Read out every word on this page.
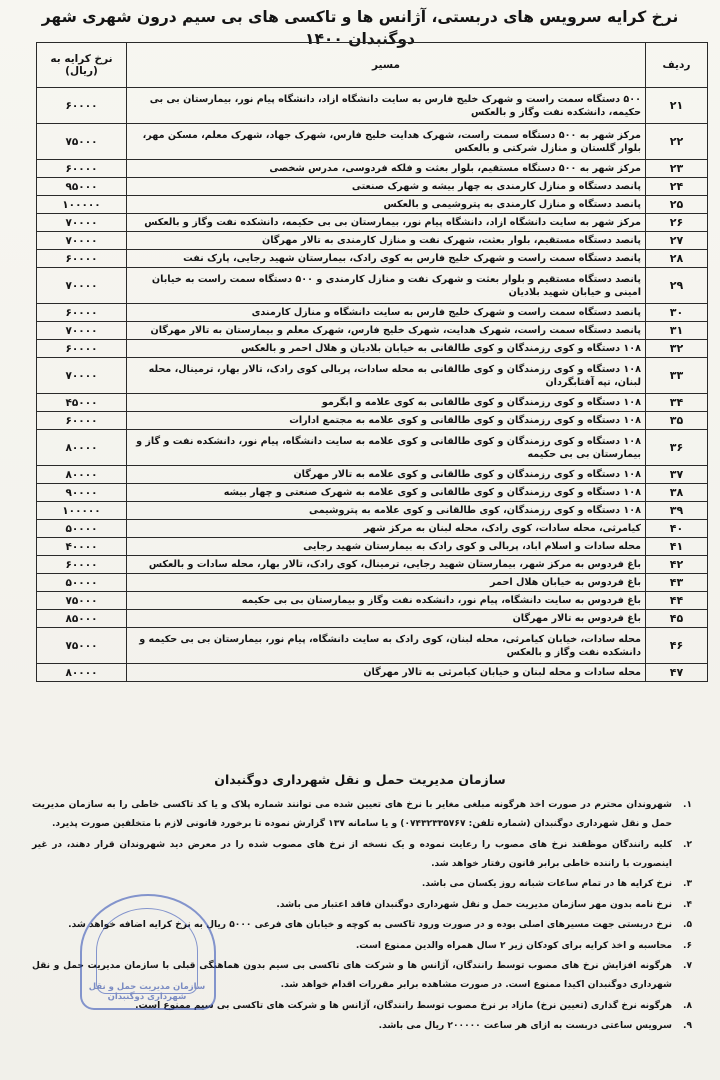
نرخ کرایه سرویس های دربستی، آژانس ها و تاکسی های بی سیم درون شهری شهر دوگنبدان ۱۴۰۰
ردیف	مسیر	نرخ کرایه به (ریال)
۲۱	۵۰۰ دستگاه سمت راست و شهرک خلیج فارس به سایت دانشگاه ازاد، دانشگاه پیام نور، بیمارستان بی بی حکیمه، دانشکده نفت وگاز و بالعکس	۶۰۰۰۰
۲۲	مرکز شهر به ۵۰۰ دستگاه سمت راست، شهرک هدایت خلیج فارس، شهرک جهاد، شهرک معلم، مسکن مهر، بلوار گلستان و منازل شرکتی و بالعکس	۷۵۰۰۰
۲۳	مرکز شهر به ۵۰۰ دستگاه مستقیم، بلوار بعثت و فلکه فردوسی، مدرس شخصی	۶۰۰۰۰
۲۴	پانصد دستگاه و منازل کارمندی به چهار بیشه و شهرک صنعتی	۹۵۰۰۰
۲۵	پانصد دستگاه و منازل کارمندی به پتروشیمی و بالعکس	۱۰۰۰۰۰
۲۶	مرکز شهر به سایت دانشگاه ازاد، دانشگاه پیام نور، بیمارستان بی بی حکیمه، دانشکده نفت وگاز و بالعکس	۷۰۰۰۰
۲۷	پانصد دستگاه مستقیم، بلوار بعثت، شهرک نفت و منازل کارمندی به تالار مهرگان	۷۰۰۰۰
۲۸	پانصد دستگاه سمت راست و شهرک خلیج فارس به کوی رادک، بیمارستان شهید رجایی، پارک نفت	۶۰۰۰۰
۲۹	پانصد دستگاه مستقیم و بلوار بعثت و شهرک نفت و منازل کارمندی و ۵۰۰ دستگاه سمت راست به خیابان امینی و خیابان شهید بلادیان	۷۰۰۰۰
۳۰	پانصد دستگاه سمت راست و شهرک خلیج فارس به سایت دانشگاه و منازل کارمندی	۶۰۰۰۰
۳۱	پانصد دستگاه سمت راست، شهرک هدایت، شهرک خلیج فارس، شهرک معلم و بیمارستان به تالار مهرگان	۷۰۰۰۰
۳۲	۱۰۸ دستگاه و کوی رزمندگان و کوی طالقانی به خیابان بلادیان و هلال احمر و بالعکس	۶۰۰۰۰
۳۳	۱۰۸ دستگاه و کوی رزمندگان و کوی طالقانی به محله سادات، پربالی کوی رادک، تالار بهار، ترمینال، محله لبنان، تپه آفتابگردان	۷۰۰۰۰
۳۴	۱۰۸ دستگاه و کوی رزمندگان و کوی طالقانی به کوی علامه و ابگرمو	۴۵۰۰۰
۳۵	۱۰۸ دستگاه و کوی رزمندگان و کوی طالقانی و کوی علامه به مجتمع ادارات	۶۰۰۰۰
۳۶	۱۰۸ دستگاه و کوی رزمندگان و کوی طالقانی و کوی علامه به سایت دانشگاه، پیام نور، دانشکده نفت و گاز و بیمارستان بی بی حکیمه	۸۰۰۰۰
۳۷	۱۰۸ دستگاه و کوی رزمندگان و کوی طالقانی و کوی علامه به تالار مهرگان	۸۰۰۰۰
۳۸	۱۰۸ دستگاه و کوی رزمندگان و کوی طالقانی و کوی علامه به شهرک صنعتی و چهار بیشه	۹۰۰۰۰
۳۹	۱۰۸ دستگاه و کوی رزمندگان، کوی طالقانی و کوی علامه به پتروشیمی	۱۰۰۰۰۰
۴۰	کیامرثی، محله سادات، کوی رادک، محله لبنان به مرکز شهر	۵۰۰۰۰
۴۱	محله سادات و اسلام اباد، پربالی و کوی رادک به بیمارستان شهید رجایی	۴۰۰۰۰
۴۲	باغ فردوس به مرکز شهر، بیمارستان شهید رجایی، ترمینال، کوی رادک، تالار بهار، محله سادات و بالعکس	۶۰۰۰۰
۴۳	باغ فردوس به خیابان هلال احمر	۵۰۰۰۰
۴۴	باغ فردوس به سایت دانشگاه، پیام نور، دانشکده نفت وگاز و بیمارستان بی بی حکیمه	۷۵۰۰۰
۴۵	باغ فردوس به تالار مهرگان	۸۵۰۰۰
۴۶	محله سادات، خیابان کیامرثی، محله لبنان، کوی رادک به سایت دانشگاه، پیام نور، بیمارستان بی بی حکیمه و دانشکده نفت وگاز و بالعکس	۷۵۰۰۰
۴۷	محله سادات و محله لبنان و خیابان کیامرثی به تالار مهرگان	۸۰۰۰۰
سازمان مدیریت حمل و نقل شهرداری دوگنبدان
۱.
شهروندان محترم در صورت اخذ هرگونه مبلغی مغایر با نرخ های تعیین شده می توانند شماره پلاک و یا کد تاکسی خاطی را به سازمان مدیریت حمل و نقل شهرداری دوگنبدان (شماره تلفن: ۰۷۴۳۲۳۳۵۷۶۷) و یا سامانه ۱۳۷ گزارش نموده تا برخورد قانونی لازم با متخلفین صورت پذیرد.
۲.
کلیه رانندگان موظفند نرخ های مصوب را رعایت نموده و یک نسخه از نرخ های مصوب شده را در معرض دید شهروندان قرار دهند، در غیر اینصورت با راننده خاطی برابر قانون رفتار خواهد شد.
۳.
نرخ کرایه ها در تمام ساعات شبانه روز یکسان می باشد.
۴.
نرخ نامه بدون مهر سازمان مدیریت حمل و نقل شهرداری دوگنبدان فاقد اعتبار می باشد.
۵.
نرخ دربستی جهت مسیرهای اصلی بوده و در صورت ورود تاکسی به کوچه و خیابان های فرعی ۵۰۰۰ ریال به نرخ کرایه اضافه خواهد شد.
۶.
محاسبه و اخذ کرایه برای کودکان زیر ۲ سال همراه والدین ممنوع است.
۷.
هرگونه افزایش نرخ های مصوب توسط رانندگان، آژانس ها و شرکت های تاکسی بی سیم بدون هماهنگی قبلی با سازمان مدیریت حمل و نقل شهرداری دوگنبدان اکیدا ممنوع است. در صورت مشاهده برابر مقررات اقدام خواهد شد.
۸.
هرگونه نرخ گذاری (تعیین نرخ) مازاد بر نرخ مصوب توسط رانندگان، آژانس ها و شرکت های تاکسی بی سیم ممنوع است.
۹.
سرویس ساعتی دربست به ازای هر ساعت ۲۰۰۰۰۰ ریال می باشد.
سازمان مدیریت حمل و نقل شهرداری دوگنبدان
